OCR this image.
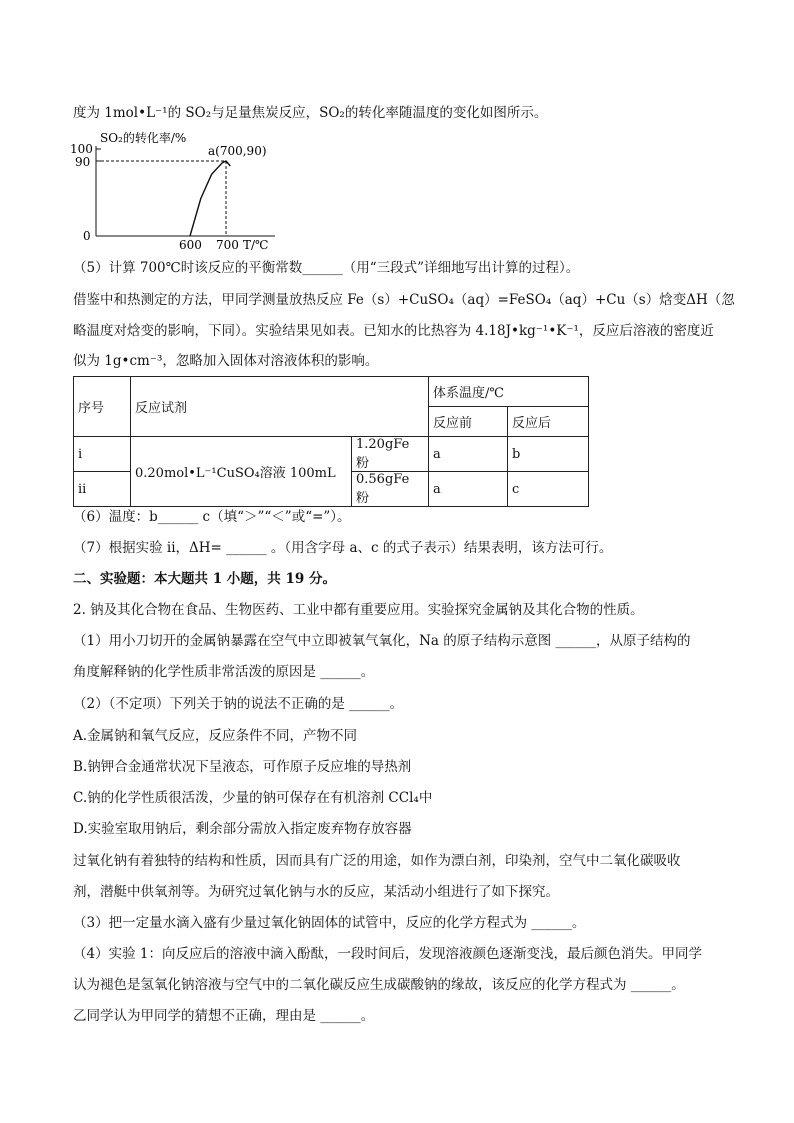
度为 1mol•L⁻¹的 SO₂与足量焦炭反应，SO₂的转化率随温度的变化如图所示。
SO₂的转化率/%
100
90
0
a(700,90)
600 700 T/℃
（5）计算 700℃时该反应的平衡常数______（用“三段式”详细地写出计算的过程）。
借鉴中和热测定的方法，甲同学测量放热反应 Fe（s）+CuSO₄（aq）=FeSO₄（aq）+Cu（s）焓变ΔH（忽
略温度对焓变的影响，下同）。实验结果见如表。已知水的比热容为 4.18J•kg⁻¹•K⁻¹，反应后溶液的密度近
似为 1g•cm⁻³，忽略加入固体对溶液体积的影响。
序号	反应试剂		体系温度/℃	
			反应前	反应后
i	0.20mol•L⁻¹CuSO₄溶液 100mL	1.20gFe 粉	a	b
ii		0.56gFe 粉	a	c
（6）温度：b______ c（填“＞”“＜”或“=”）。
（7）根据实验 ii，ΔH= ______ 。（用含字母 a、c 的式子表示）结果表明，该方法可行。
二、实验题：本大题共 1 小题，共 19 分。
2. 钠及其化合物在食品、生物医药、工业中都有重要应用。实验探究金属钠及其化合物的性质。
（1）用小刀切开的金属钠暴露在空气中立即被氧气氧化，Na 的原子结构示意图 ______，从原子结构的
角度解释钠的化学性质非常活泼的原因是 ______。
（2）（不定项）下列关于钠的说法不正确的是 ______。
A.金属钠和氧气反应，反应条件不同，产物不同
B.钠钾合金通常状况下呈液态，可作原子反应堆的导热剂
C.钠的化学性质很活泼，少量的钠可保存在有机溶剂 CCl₄中
D.实验室取用钠后，剩余部分需放入指定废弃物存放容器
过氧化钠有着独特的结构和性质，因而具有广泛的用途，如作为漂白剂，印染剂，空气中二氧化碳吸收
剂，潜艇中供氧剂等。为研究过氧化钠与水的反应，某活动小组进行了如下探究。
（3）把一定量水滴入盛有少量过氧化钠固体的试管中，反应的化学方程式为 ______。
（4）实验 1：向反应后的溶液中滴入酚酞，一段时间后，发现溶液颜色逐渐变浅，最后颜色消失。甲同学
认为褪色是氢氧化钠溶液与空气中的二氧化碳反应生成碳酸钠的缘故，该反应的化学方程式为 ______。
乙同学认为甲同学的猜想不正确，理由是 ______。
